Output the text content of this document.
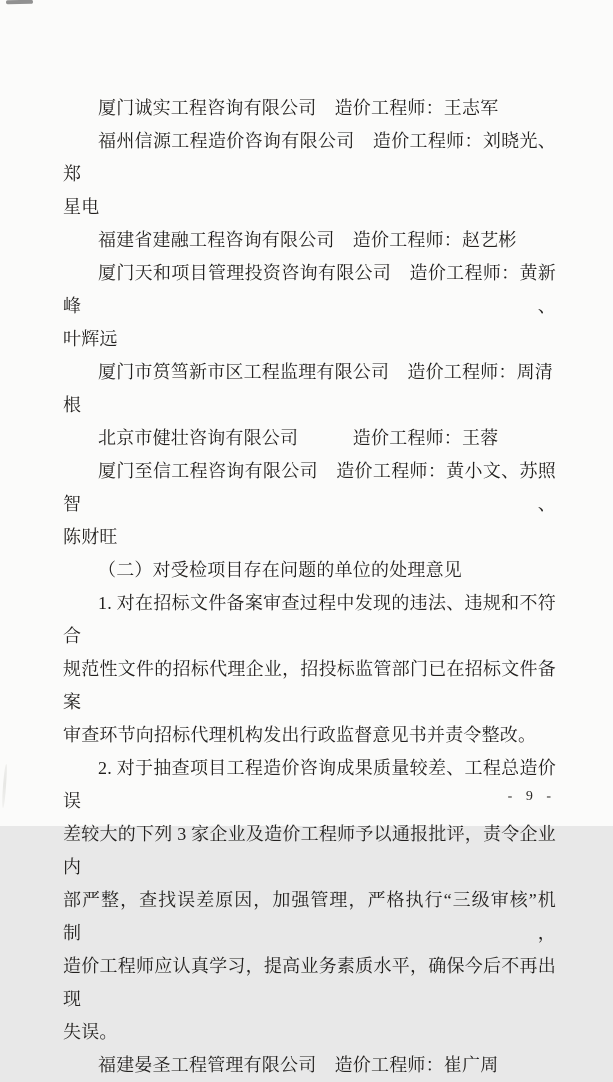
厦门诚实工程咨询有限公司　造价工程师：王志军
福州信源工程造价咨询有限公司　造价工程师：刘晓光、郑
星电
福建省建融工程咨询有限公司　造价工程师：赵艺彬
厦门天和项目管理投资咨询有限公司　造价工程师：黄新峰、
叶辉远
厦门市筼筜新市区工程监理有限公司　造价工程师：周清根
北京市健壮咨询有限公司　　　造价工程师：王蓉
厦门至信工程咨询有限公司　造价工程师：黄小文、苏照智、
陈财旺
（二）对受检项目存在问题的单位的处理意见
1. 对在招标文件备案审查过程中发现的违法、违规和不符合
规范性文件的招标代理企业，招投标监管部门已在招标文件备案
审查环节向招标代理机构发出行政监督意见书并责令整改。
2. 对于抽查项目工程造价咨询成果质量较差、工程总造价误
差较大的下列 3 家企业及造价工程师予以通报批评，责令企业内
部严整，查找误差原因，加强管理，严格执行“三级审核”机制，
造价工程师应认真学习，提高业务素质水平，确保今后不再出现
失误。
福建晏圣工程管理有限公司　造价工程师：崔广周
- 9 -
